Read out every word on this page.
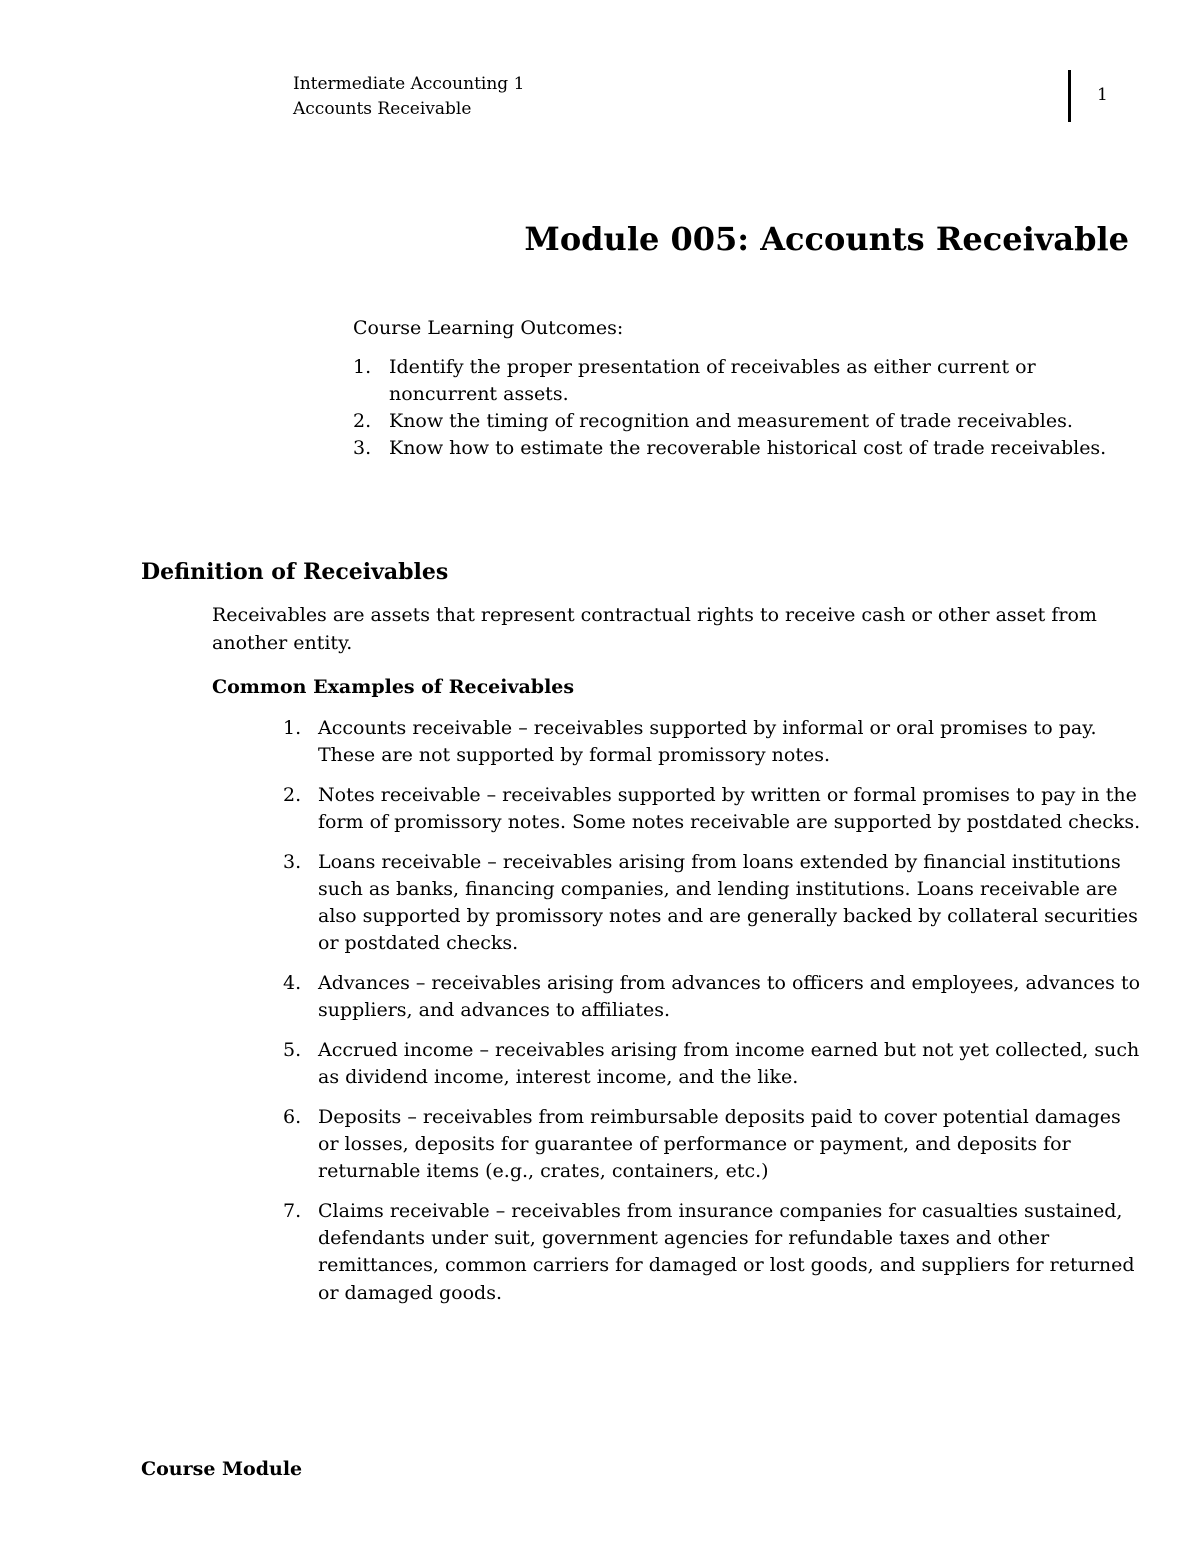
Intermediate Accounting 1
Accounts Receivable
1
Module 005: Accounts Receivable
Course Learning Outcomes:
1. Identify the proper presentation of receivables as either current or noncurrent assets.
2. Know the timing of recognition and measurement of trade receivables.
3. Know how to estimate the recoverable historical cost of trade receivables.
Definition of Receivables
Receivables are assets that represent contractual rights to receive cash or other asset from another entity.
Common Examples of Receivables
1. Accounts receivable – receivables supported by informal or oral promises to pay. These are not supported by formal promissory notes.
2. Notes receivable – receivables supported by written or formal promises to pay in the form of promissory notes. Some notes receivable are supported by postdated checks.
3. Loans receivable – receivables arising from loans extended by financial institutions such as banks, financing companies, and lending institutions. Loans receivable are also supported by promissory notes and are generally backed by collateral securities or postdated checks.
4. Advances – receivables arising from advances to officers and employees, advances to suppliers, and advances to affiliates.
5. Accrued income – receivables arising from income earned but not yet collected, such as dividend income, interest income, and the like.
6. Deposits – receivables from reimbursable deposits paid to cover potential damages or losses, deposits for guarantee of performance or payment, and deposits for returnable items (e.g., crates, containers, etc.)
7. Claims receivable – receivables from insurance companies for casualties sustained, defendants under suit, government agencies for refundable taxes and other remittances, common carriers for damaged or lost goods, and suppliers for returned or damaged goods.
Course Module
